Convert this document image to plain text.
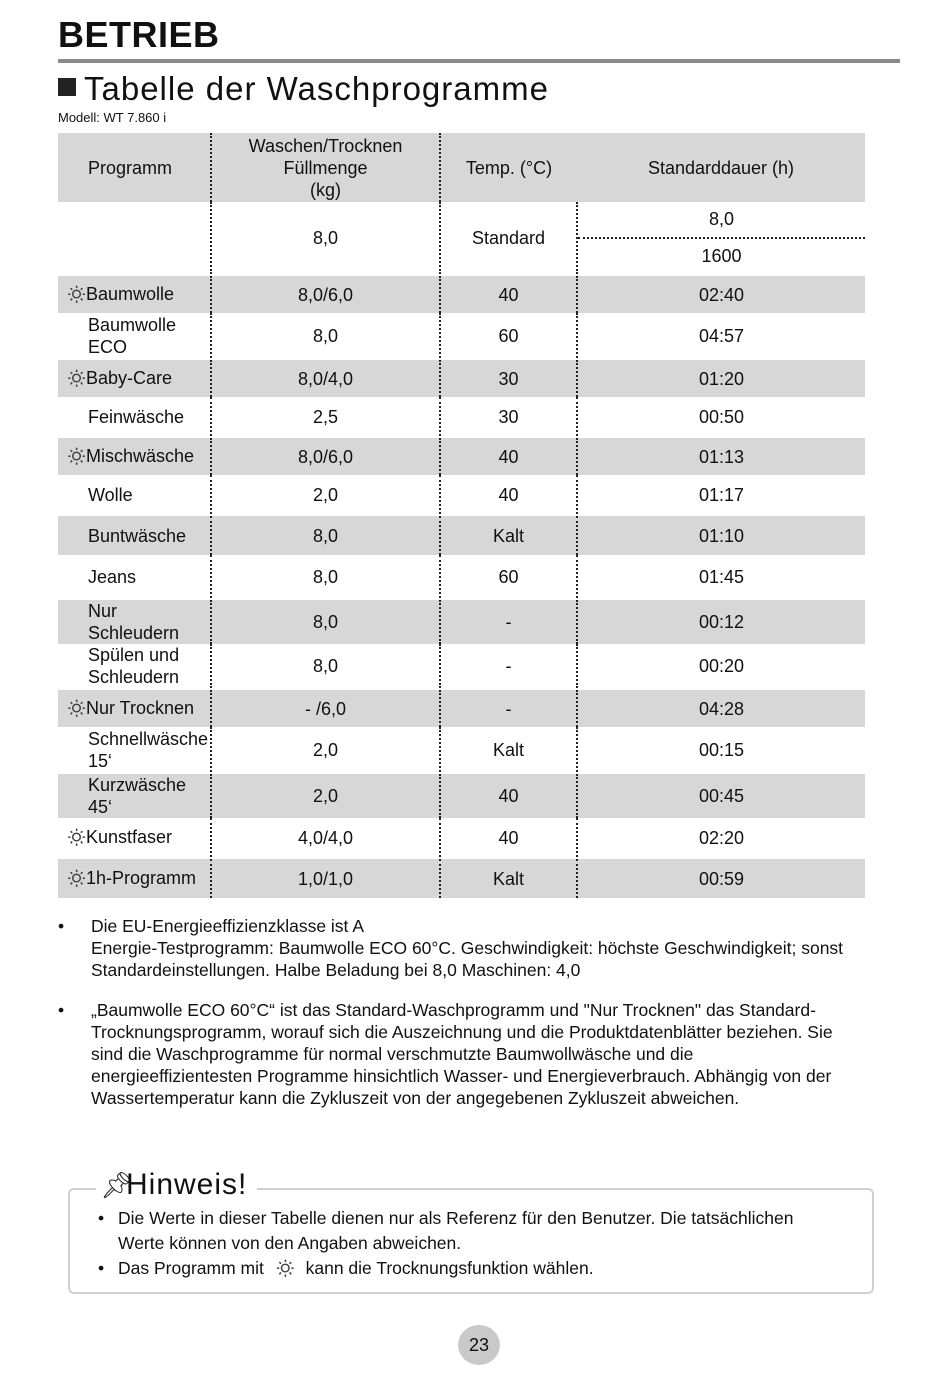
BETRIEB
Tabelle der Waschprogramme
Modell: WT 7.860 i
Programm	Waschen/Trocknen
Füllmenge
(kg)	Temp. (°C)	Standarddauer (h)
	8,0	Standard	8,0
1600

🔅︎Baumwolle	8,0/6,0	40	02:40
Baumwolle ECO	8,0	60	04:57
🔅︎Baby-Care	8,0/4,0	30	01:20
Feinwäsche	2,5	30	00:50
🔅︎Mischwäsche	8,0/6,0	40	01:13
Wolle	2,0	40	01:17
Buntwäsche	8,0	Kalt	01:10
Jeans	8,0	60	01:45
Nur Schleudern	8,0	-	00:12
Spülen und Schleudern	8,0	-	00:20
🔅︎Nur Trocknen	- /6,0	-	04:28
Schnellwäsche 15‘	2,0	Kalt	00:15
Kurzwäsche 45‘	2,0	40	00:45
🔅︎Kunstfaser	4,0/4,0	40	02:20
🔅︎1h-Programm	1,0/1,0	Kalt	00:59
• Die EU-Energieeffizienzklasse ist A
Energie-Testprogramm: Baumwolle ECO 60°C. Geschwindigkeit: höchste Geschwindigkeit; sonst Standardeinstellungen. Halbe Beladung bei 8,0 Maschinen: 4,0
• „Baumwolle ECO 60°C“ ist das Standard-Waschprogramm und "Nur Trocknen" das Standard-Trocknungsprogramm, worauf sich die Auszeichnung und die Produktdatenblätter beziehen. Sie sind die Waschprogramme für normal verschmutzte Baumwollwäsche und die energieeffizientesten Programme hinsichtlich Wasser- und Energieverbrauch. Abhängig von der Wassertemperatur kann die Zykluszeit von der angegebenen Zykluszeit abweichen.
📌︎Hinweis!
• Die Werte in dieser Tabelle dienen nur als Referenz für den Benutzer. Die tatsächlichen Werte können von den Angaben abweichen.
• Das Programm mit 🔅︎ kann die Trocknungsfunktion wählen.
23
